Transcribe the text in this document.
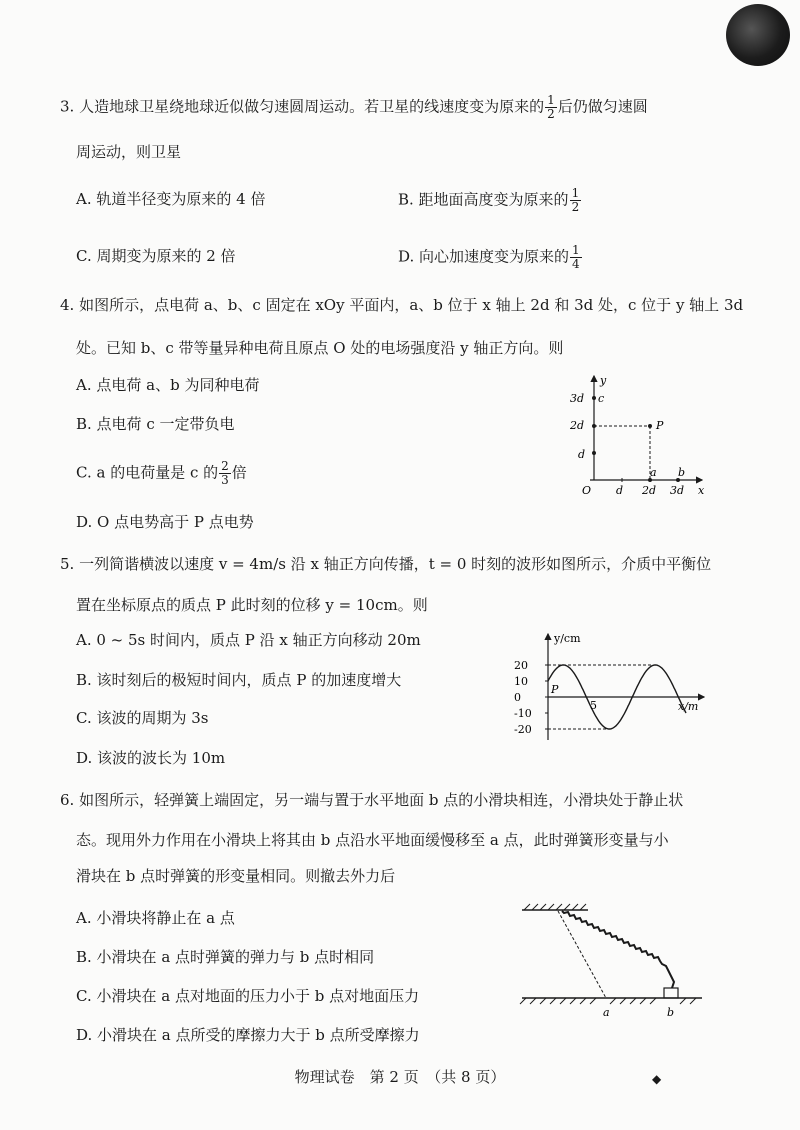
3. 人造地球卫星绕地球近似做匀速圆周运动。若卫星的线速度变为原来的 $\frac{1}{2}$ 后仍做匀速圆
周运动，则卫星
A. 轨道半径变为原来的 4 倍	B. 距地面高度变为原来的 $\frac{1}{2}$
C. 周期变为原来的 2 倍	D. 向心加速度变为原来的 $\frac{1}{4}$
4. 如图所示，点电荷 a、b、c 固定在 xOy 平面内，a、b 位于 x 轴上 2d 和 3d 处，c 位于 y 轴上 3d
处。已知 b、c 带等量异种电荷且原点 O 处的电场强度沿 y 轴正方向。则
A. 点电荷 a、b 为同种电荷
B. 点电荷 c 一定带负电
C. a 的电荷量是 c 的 $\frac{2}{3}$ 倍
D. O 点电势高于 P 点电势
y
x
O
3d
2d
d
d 2d 3d
c
P
a b
5. 一列简谐横波以速度 v = 4m/s 沿 x 轴正方向传播，t = 0 时刻的波形如图所示，介质中平衡位
置在坐标原点的质点 P 此时刻的位移 y = 10cm。则
A. 0 ~ 5s 时间内，质点 P 沿 x 轴正方向移动 20m
B. 该时刻后的极短时间内，质点 P 的加速度增大
C. 该波的周期为 3s
D. 该波的波长为 10m
y/cm
x/m
20
10
0
-10
-20
P
5
6. 如图所示，轻弹簧上端固定，另一端与置于水平地面 b 点的小滑块相连，小滑块处于静止状
态。现用外力作用在小滑块上将其由 b 点沿水平地面缓慢移至 a 点，此时弹簧形变量与小
滑块在 b 点时弹簧的形变量相同。则撤去外力后
A. 小滑块将静止在 a 点
B. 小滑块在 a 点时弹簧的弹力与 b 点时相同
C. 小滑块在 a 点对地面的压力小于 b 点对地面压力
D. 小滑块在 a 点所受的摩擦力大于 b 点所受摩擦力
a	b
物理试卷　第 2 页　（共 8 页）	◆
